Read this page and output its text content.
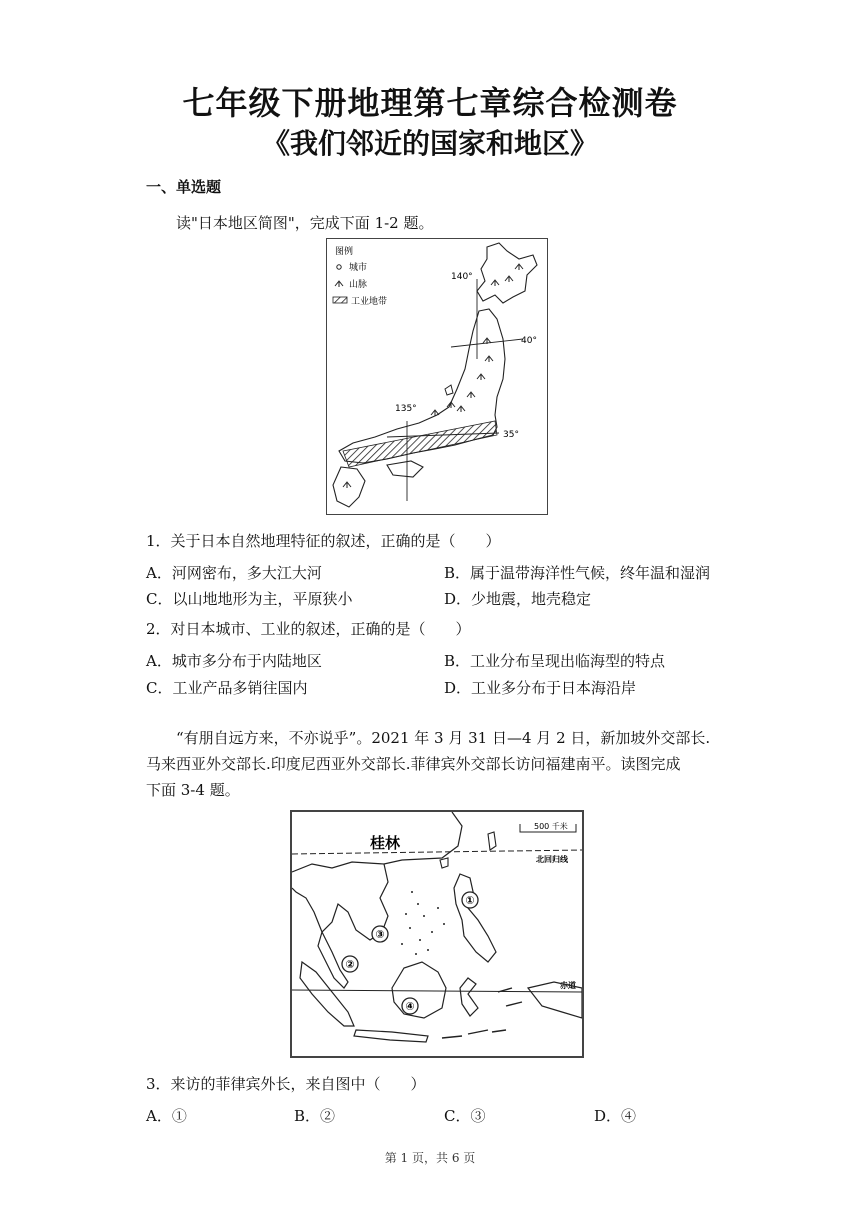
七年级下册地理第七章综合检测卷
《我们邻近的国家和地区》
一、单选题
读"日本地区简图"，完成下面 1-2 题。
图例
城市
山脉
工业地带
140°
40°
135°
35°
1．关于日本自然地理特征的叙述，正确的是（　　）
A．河网密布，多大江大河	B．属于温带海洋性气候，终年温和湿润
C．以山地地形为主，平原狭小	D．少地震，地壳稳定
2．对日本城市、工业的叙述，正确的是（　　）
A．城市多分布于内陆地区	B．工业分布呈现出临海型的特点
C．工业产品多销往国内	D．工业多分布于日本海沿岸
“有朋自远方来，不亦说乎”。2021 年 3 月 31 日—4 月 2 日，新加坡外交部长.
马来西亚外交部长.印度尼西亚外交部长.菲律宾外交部长访问福建南平。读图完成
下面 3-4 题。
桂林
500 千米
北回归线
赤道
①
②
③
④
3．来访的菲律宾外长，来自图中（　　）
A．①	B．②	C．③	D．④
第 1 页，共 6 页
